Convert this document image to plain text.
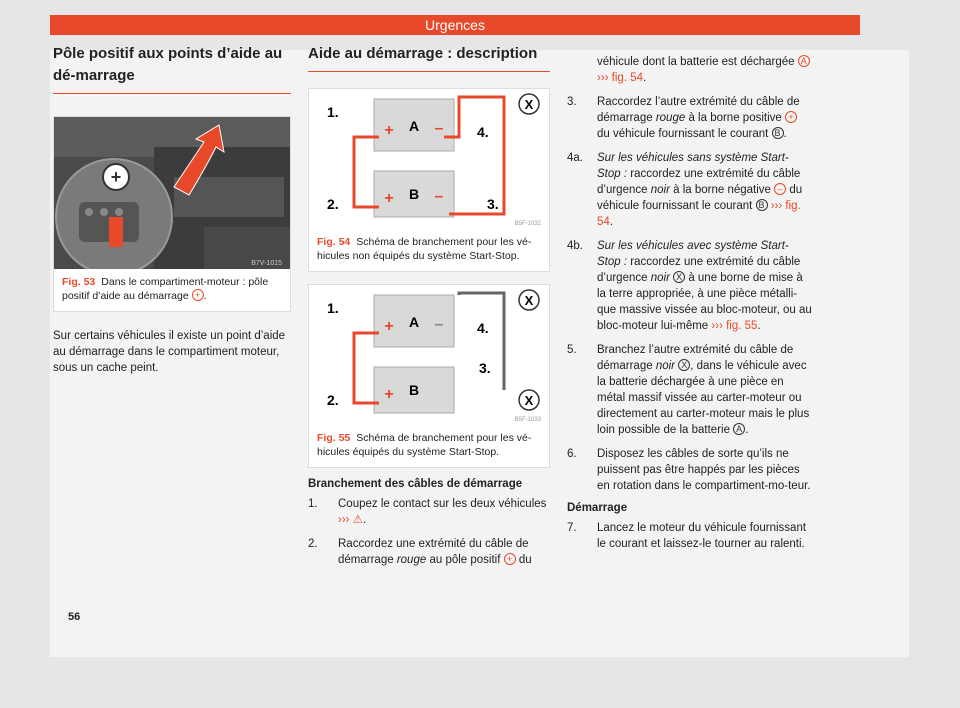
56
Urgences
Pôle positif aux points d’aide au dé-marrage
+
B7V-1015
Fig. 53 Dans le compartiment-moteur : pôle positif d’aide au démarrage + .
Sur certains véhicules il existe un point d’aide au démarrage dans le compartiment moteur, sous un cache peint.
Aide au démarrage : description
A
+	–
B
+	–
X
1.
2.	3.
4.
B5F-1032
Fig. 54 Schéma de branchement pour les vé-hicules non équipés du système Start-Stop.
A
+	–
B
+
X
X
1.
2.
3.
4.
B5F-1033
Fig. 55 Schéma de branchement pour les vé-hicules équipés du système Start-Stop.
Branchement des câbles de démarrage
1.	Coupez le contact sur les deux véhicules ››› ⚠.
2.	Raccordez une extrémité du câble de démarrage rouge au pôle positif + du
véhicule dont la batterie est déchargée A ››› fig. 54.
3.	Raccordez l’autre extrémité du câble de démarrage rouge à la borne positive + du véhicule fournissant le courant B .
4a.	Sur les véhicules sans système Start-Stop : raccordez une extrémité du câble d’urgence noir à la borne négative – du véhicule fournissant le courant B ››› fig. 54.
4b.	Sur les véhicules avec système Start-Stop : raccordez une extrémité du câble d’urgence noir X à une borne de mise à la terre appropriée, à une pièce métalli-que massive vissée au bloc-moteur, ou au bloc-moteur lui-même ››› fig. 55.
5.	Branchez l’autre extrémité du câble de démarrage noir X , dans le véhicule avec la batterie déchargée à une pièce en métal massif vissée au carter-moteur ou directement au carter-moteur mais le plus loin possible de la batterie A .
6.	Disposez les câbles de sorte qu’ils ne puissent pas être happés par les pièces en rotation dans le compartiment-mo-teur.
Démarrage
7.	Lancez le moteur du véhicule fournissant le courant et laissez-le tourner au ralenti.
